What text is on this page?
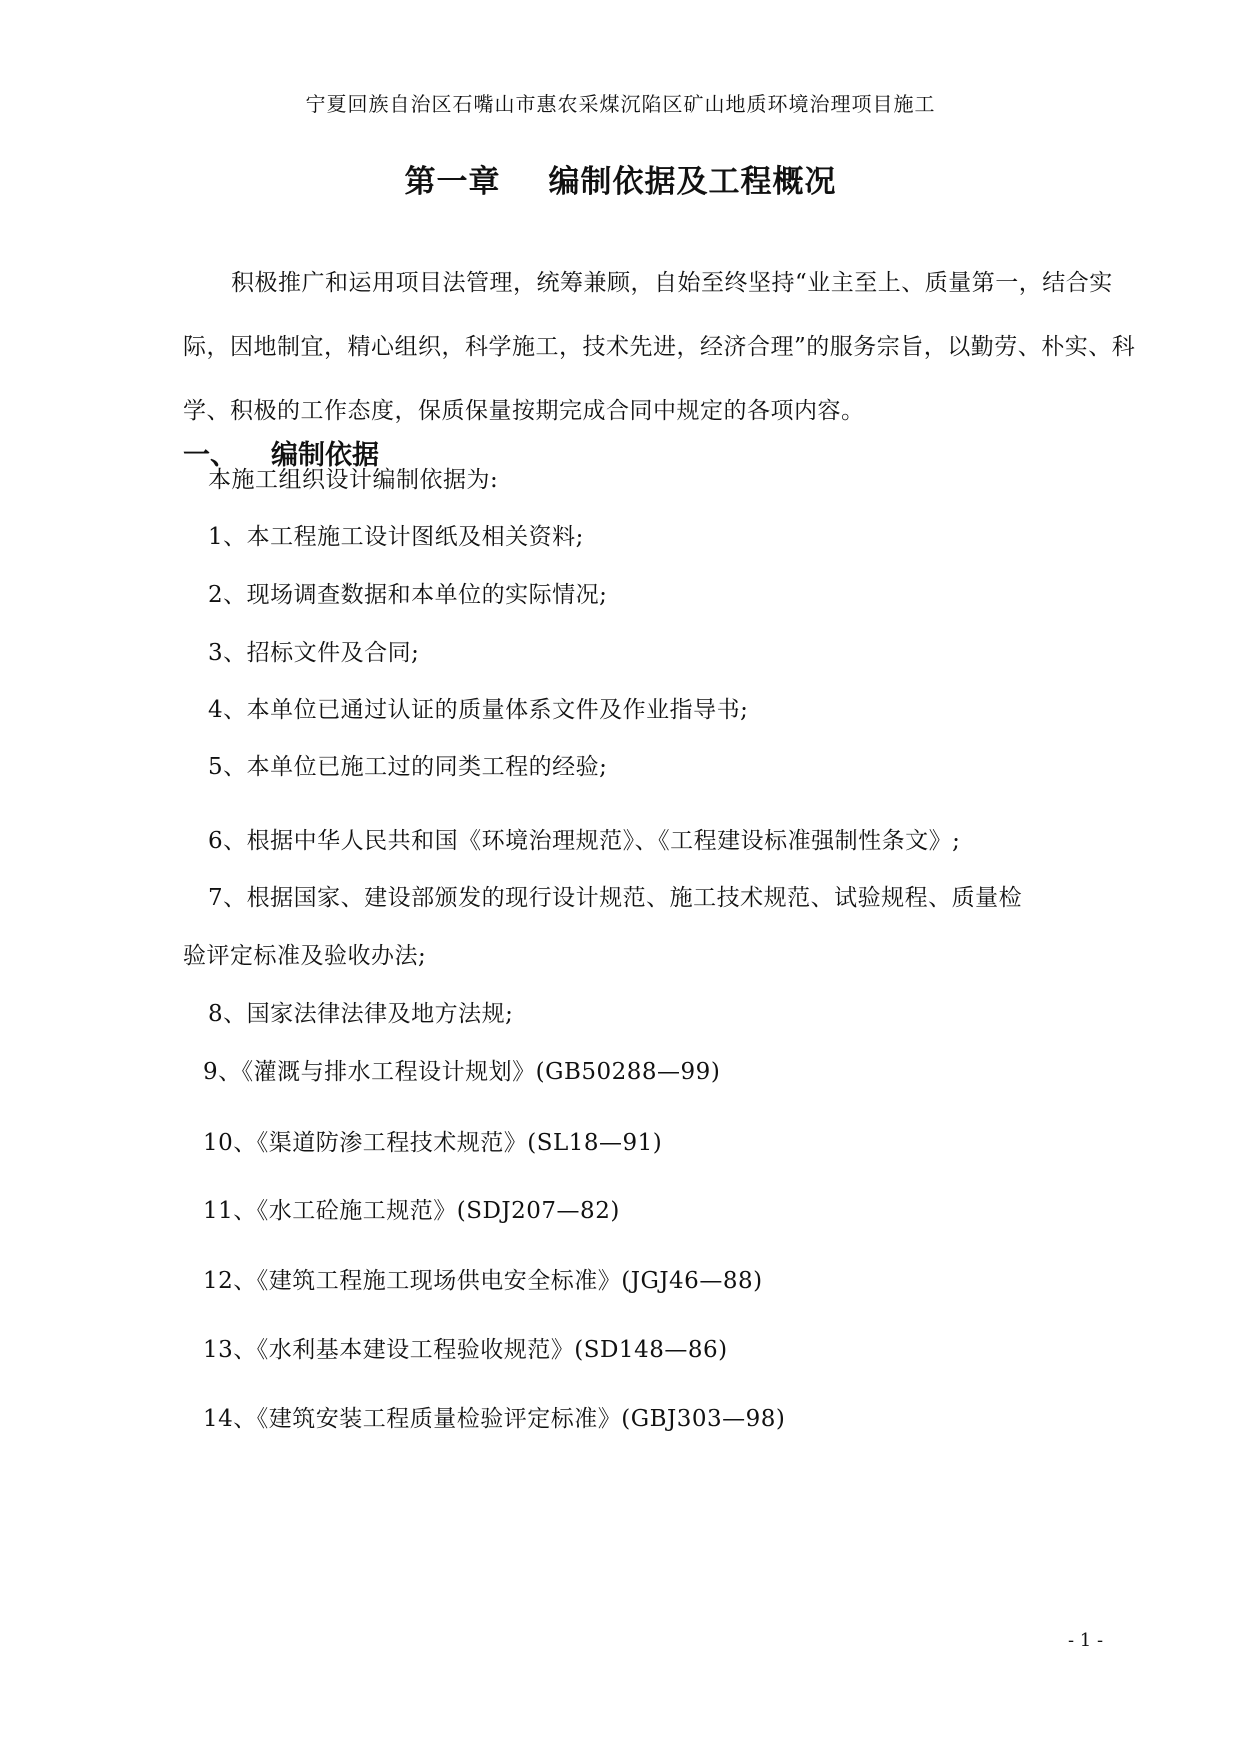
宁夏回族自治区石嘴山市惠农采煤沉陷区矿山地质环境治理项目施工
第一章 编制依据及工程概况

积极推广和运用项目法管理，统筹兼顾，自始至终坚持“业主至上、质量第一，结合实际，因地制宜，精心组织，科学施工，技术先进，经济合理”的服务宗旨，以勤劳、朴实、科学、积极的工作态度，保质保量按期完成合同中规定的各项内容。

一、 编制依据
本施工组织设计编制依据为:
1、本工程施工设计图纸及相关资料;
2、现场调查数据和本单位的实际情况;
3、招标文件及合同;
4、本单位已通过认证的质量体系文件及作业指导书;
5、本单位已施工过的同类工程的经验;
6、根据中华人民共和国《环境治理规范》、《工程建设标准强制性条文》;
7、根据国家、建设部颁发的现行设计规范、施工技术规范、试验规程、质量检
验评定标准及验收办法;
8、国家法律法律及地方法规;
9、《灌溉与排水工程设计规划》(GB50288—99)
10、《渠道防渗工程技术规范》(SL18—91)
11、《水工砼施工规范》(SDJ207—82)
12、《建筑工程施工现场供电安全标准》(JGJ46—88)
13、《水利基本建设工程验收规范》(SD148—86)
14、《建筑安装工程质量检验评定标准》(GBJ303—98)
- 1 -
